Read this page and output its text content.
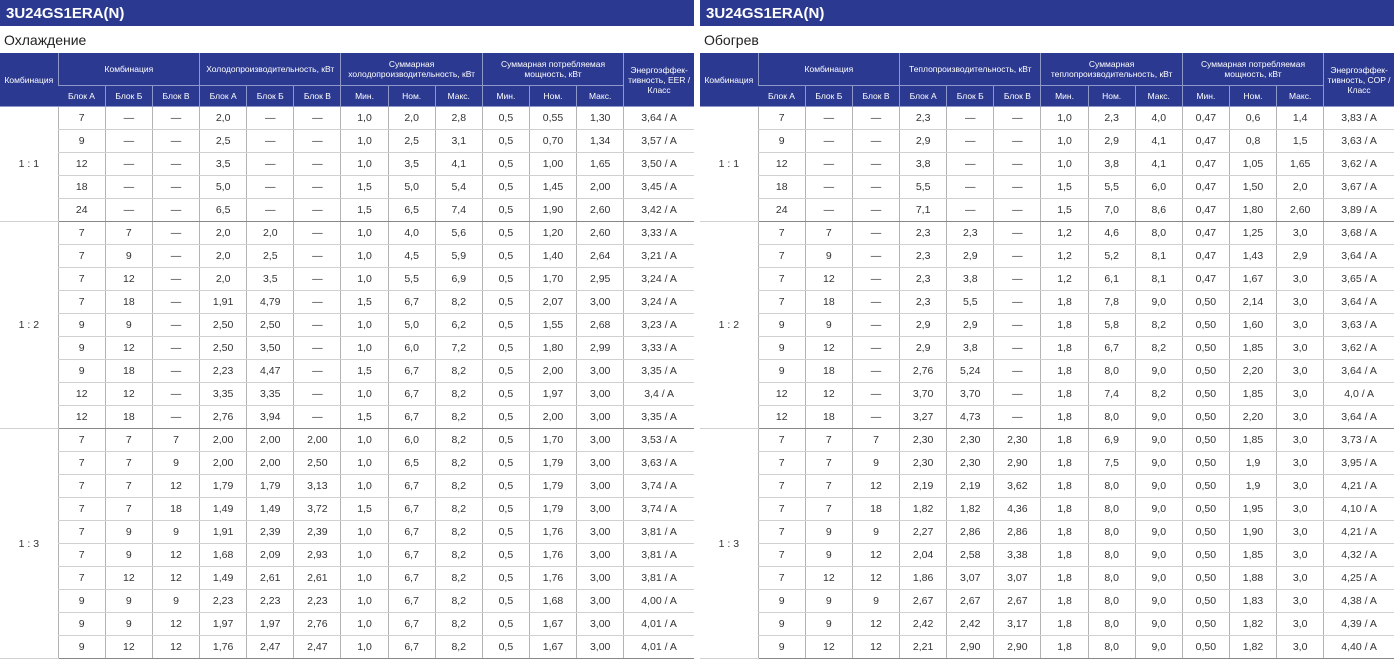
3U24GS1ERA(N)
Охлаждение
Комбинация	Комбинация			Холодопроизводительность, кВт			Суммарная холодопроизводительность, кВт			Суммарная потребляемая мощность, кВт			Энергоэффек-тивность, EER / Класс
	Блок А	Блок Б	Блок В	Блок А	Блок Б	Блок В	Мин.	Ном.	Макс.	Мин.	Ном.	Макс.	
1 : 1	7	—	—	2,0	—	—	1,0	2,0	2,8	0,5	0,55	1,30	3,64 / A
	9	—	—	2,5	—	—	1,0	2,5	3,1	0,5	0,70	1,34	3,57 / A
	12	—	—	3,5	—	—	1,0	3,5	4,1	0,5	1,00	1,65	3,50 / A
	18	—	—	5,0	—	—	1,5	5,0	5,4	0,5	1,45	2,00	3,45 / A
	24	—	—	6,5	—	—	1,5	6,5	7,4	0,5	1,90	2,60	3,42 / A
1 : 2	7	7	—	2,0	2,0	—	1,0	4,0	5,6	0,5	1,20	2,60	3,33 / A
	7	9	—	2,0	2,5	—	1,0	4,5	5,9	0,5	1,40	2,64	3,21 / A
	7	12	—	2,0	3,5	—	1,0	5,5	6,9	0,5	1,70	2,95	3,24 / A
	7	18	—	1,91	4,79	—	1,5	6,7	8,2	0,5	2,07	3,00	3,24 / A
	9	9	—	2,50	2,50	—	1,0	5,0	6,2	0,5	1,55	2,68	3,23 / A
	9	12	—	2,50	3,50	—	1,0	6,0	7,2	0,5	1,80	2,99	3,33 / A
	9	18	—	2,23	4,47	—	1,5	6,7	8,2	0,5	2,00	3,00	3,35 / A
	12	12	—	3,35	3,35	—	1,0	6,7	8,2	0,5	1,97	3,00	3,4 / A
	12	18	—	2,76	3,94	—	1,5	6,7	8,2	0,5	2,00	3,00	3,35 / A
1 : 3	7	7	7	2,00	2,00	2,00	1,0	6,0	8,2	0,5	1,70	3,00	3,53 / A
	7	7	9	2,00	2,00	2,50	1,0	6,5	8,2	0,5	1,79	3,00	3,63 / A
	7	7	12	1,79	1,79	3,13	1,0	6,7	8,2	0,5	1,79	3,00	3,74 / A
	7	7	18	1,49	1,49	3,72	1,5	6,7	8,2	0,5	1,79	3,00	3,74 / A
	7	9	9	1,91	2,39	2,39	1,0	6,7	8,2	0,5	1,76	3,00	3,81 / A
	7	9	12	1,68	2,09	2,93	1,0	6,7	8,2	0,5	1,76	3,00	3,81 / A
	7	12	12	1,49	2,61	2,61	1,0	6,7	8,2	0,5	1,76	3,00	3,81 / A
	9	9	9	2,23	2,23	2,23	1,0	6,7	8,2	0,5	1,68	3,00	4,00 / A
	9	9	12	1,97	1,97	2,76	1,0	6,7	8,2	0,5	1,67	3,00	4,01 / A
	9	12	12	1,76	2,47	2,47	1,0	6,7	8,2	0,5	1,67	3,00	4,01 / A
3U24GS1ERA(N)
Обогрев
Комбинация	Комбинация			Теплопроизводительность, кВт			Суммарная теплопроизводительность, кВт			Суммарная потребляемая мощность, кВт			Энергоэффек-тивность, COP / Класс
	Блок А	Блок Б	Блок В	Блок А	Блок Б	Блок В	Мин.	Ном.	Макс.	Мин.	Ном.	Макс.	
1 : 1	7	—	—	2,3	—	—	1,0	2,3	4,0	0,47	0,6	1,4	3,83 / A
	9	—	—	2,9	—	—	1,0	2,9	4,1	0,47	0,8	1,5	3,63 / A
	12	—	—	3,8	—	—	1,0	3,8	4,1	0,47	1,05	1,65	3,62 / A
	18	—	—	5,5	—	—	1,5	5,5	6,0	0,47	1,50	2,0	3,67 / A
	24	—	—	7,1	—	—	1,5	7,0	8,6	0,47	1,80	2,60	3,89 / A
1 : 2	7	7	—	2,3	2,3	—	1,2	4,6	8,0	0,47	1,25	3,0	3,68 / A
	7	9	—	2,3	2,9	—	1,2	5,2	8,1	0,47	1,43	2,9	3,64 / A
	7	12	—	2,3	3,8	—	1,2	6,1	8,1	0,47	1,67	3,0	3,65 / A
	7	18	—	2,3	5,5	—	1,8	7,8	9,0	0,50	2,14	3,0	3,64 / A
	9	9	—	2,9	2,9	—	1,8	5,8	8,2	0,50	1,60	3,0	3,63 / A
	9	12	—	2,9	3,8	—	1,8	6,7	8,2	0,50	1,85	3,0	3,62 / A
	9	18	—	2,76	5,24	—	1,8	8,0	9,0	0,50	2,20	3,0	3,64 / A
	12	12	—	3,70	3,70	—	1,8	7,4	8,2	0,50	1,85	3,0	4,0 / A
	12	18	—	3,27	4,73	—	1,8	8,0	9,0	0,50	2,20	3,0	3,64 / A
1 : 3	7	7	7	2,30	2,30	2,30	1,8	6,9	9,0	0,50	1,85	3,0	3,73 / A
	7	7	9	2,30	2,30	2,90	1,8	7,5	9,0	0,50	1,9	3,0	3,95 / A
	7	7	12	2,19	2,19	3,62	1,8	8,0	9,0	0,50	1,9	3,0	4,21 / A
	7	7	18	1,82	1,82	4,36	1,8	8,0	9,0	0,50	1,95	3,0	4,10 / A
	7	9	9	2,27	2,86	2,86	1,8	8,0	9,0	0,50	1,90	3,0	4,21 / A
	7	9	12	2,04	2,58	3,38	1,8	8,0	9,0	0,50	1,85	3,0	4,32 / A
	7	12	12	1,86	3,07	3,07	1,8	8,0	9,0	0,50	1,88	3,0	4,25 / A
	9	9	9	2,67	2,67	2,67	1,8	8,0	9,0	0,50	1,83	3,0	4,38 / A
	9	9	12	2,42	2,42	3,17	1,8	8,0	9,0	0,50	1,82	3,0	4,39 / A
	9	12	12	2,21	2,90	2,90	1,8	8,0	9,0	0,50	1,82	3,0	4,40 / A
